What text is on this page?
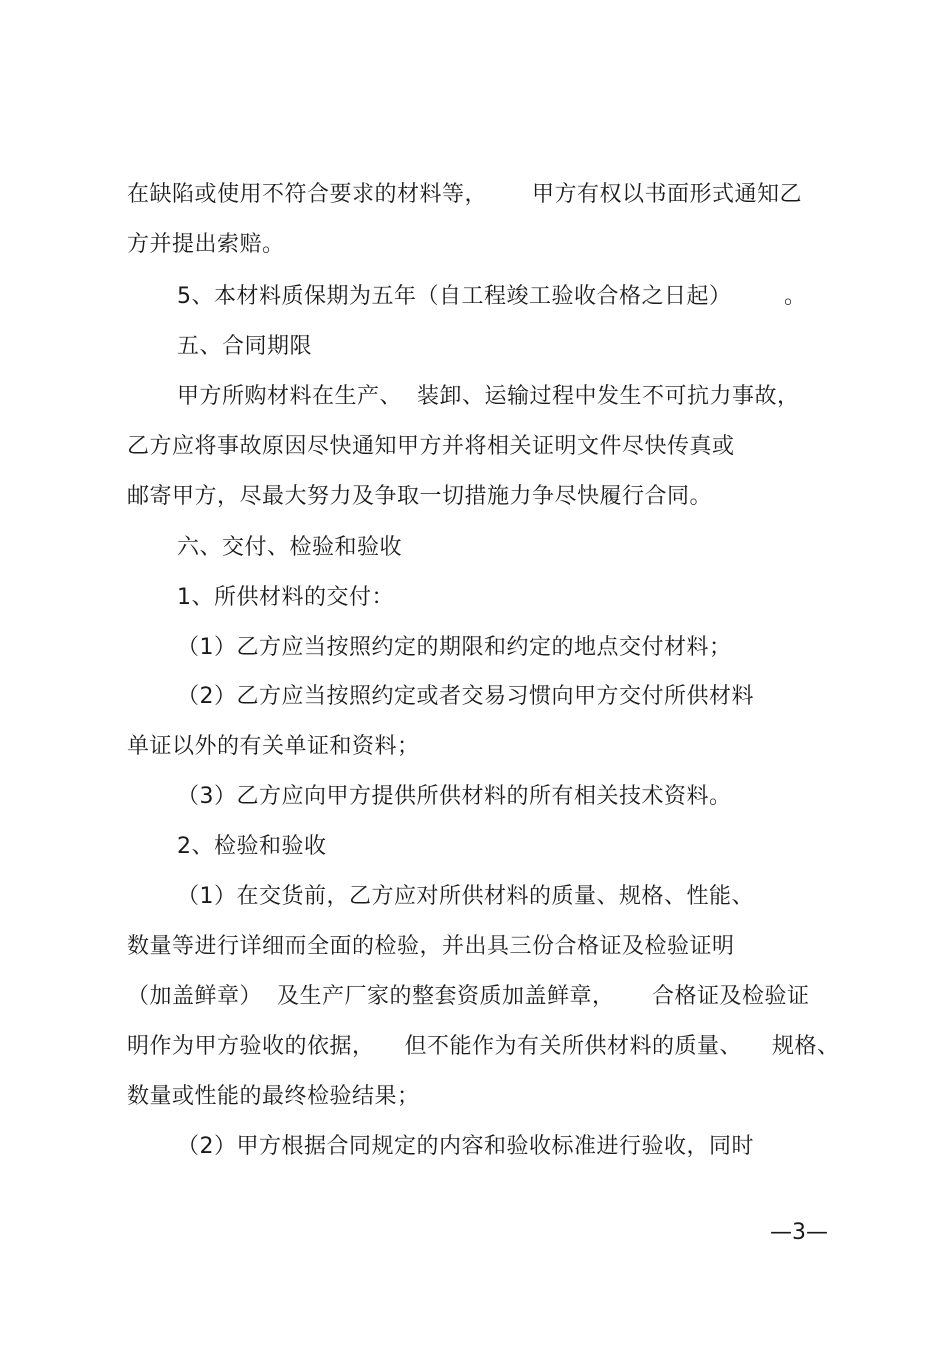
在缺陷或使用不符合要求的材料等，      甲方有权以书面形式通知乙
方并提出索赔。
5、本材料质保期为五年（自工程竣工验收合格之日起）       。
五、合同期限
甲方所购材料在生产、  装卸、运输过程中发生不可抗力事故，
乙方应将事故原因尽快通知甲方并将相关证明文件尽快传真或
邮寄甲方，尽最大努力及争取一切措施力争尽快履行合同。
六、交付、检验和验收
1、所供材料的交付：
（1）乙方应当按照约定的期限和约定的地点交付材料；
（2）乙方应当按照约定或者交易习惯向甲方交付所供材料
单证以外的有关单证和资料；
（3）乙方应向甲方提供所供材料的所有相关技术资料。
2、检验和验收
（1）在交货前，乙方应对所供材料的质量、规格、性能、
数量等进行详细而全面的检验，并出具三份合格证及检验证明
（加盖鲜章）  及生产厂家的整套资质加盖鲜章，     合格证及检验证
明作为甲方验收的依据，    但不能作为有关所供材料的质量、    规格、
数量或性能的最终检验结果；
（2）甲方根据合同规定的内容和验收标准进行验收，同时
—3—
